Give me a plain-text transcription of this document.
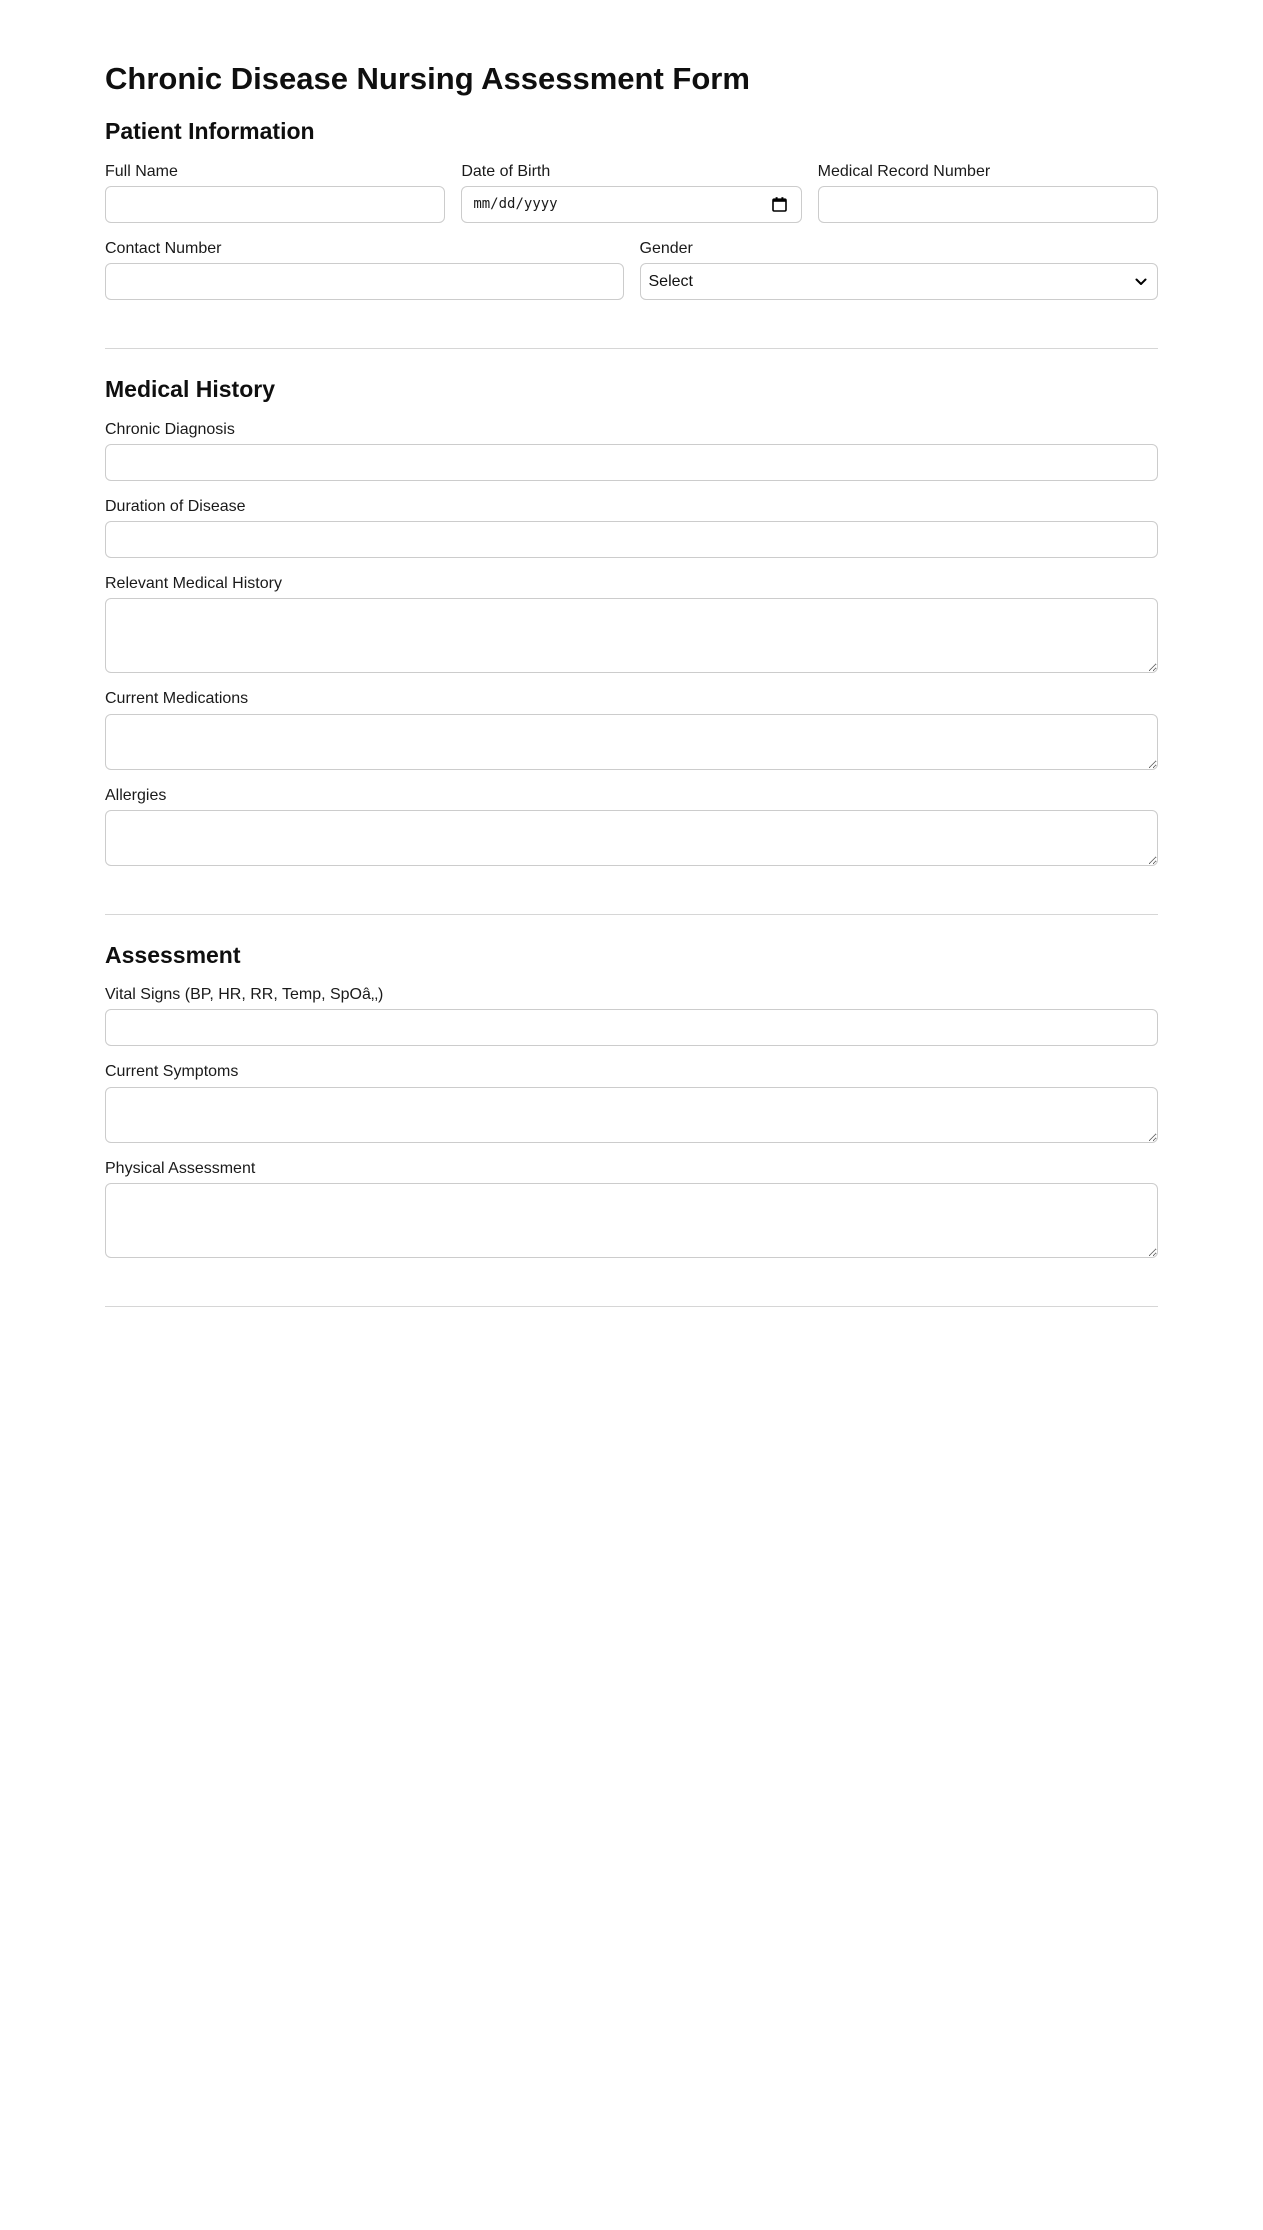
Chronic Disease Nursing Assessment Form
Patient Information
Full Name	Date of Birth
mm/dd/yyyy
Medical Record Number
Contact Number	Gender
Select
Medical History
Chronic Diagnosis
Duration of Disease
Relevant Medical History
Current Medications
Allergies
Assessment
Vital Signs (BP, HR, RR, Temp, SpOâ‚‚)
Current Symptoms
Physical Assessment
